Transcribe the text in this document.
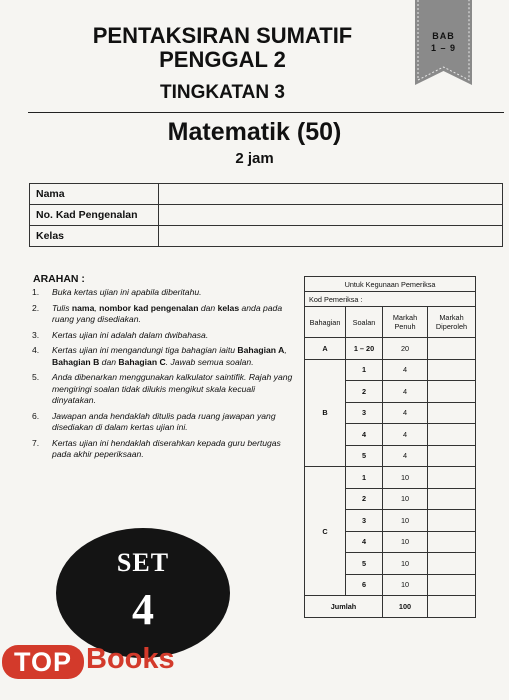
PENTAKSIRAN SUMATIF
PENGGAL 2
TINGKATAN 3
BAB
1 – 9
Matematik (50)
2 jam
Nama	
No. Kad Pengenalan	
Kelas	
ARAHAN :
1. Buka kertas ujian ini apabila diberitahu.
2. Tulis nama, nombor kad pengenalan dan kelas anda pada ruang yang disediakan.
3. Kertas ujian ini adalah dalam dwibahasa.
4. Kertas ujian ini mengandungi tiga bahagian iaitu Bahagian A, Bahagian B dan Bahagian C. Jawab semua soalan.
5. Anda dibenarkan menggunakan kalkulator saintifik. Rajah yang mengiringi soalan tidak dilukis mengikut skala kecuali dinyatakan.
6. Jawapan anda hendaklah ditulis pada ruang jawapan yang disediakan di dalam kertas ujian ini.
7. Kertas ujian ini hendaklah diserahkan kepada guru bertugas pada akhir peperiksaan.
Untuk Kegunaan Pemeriksa			
Kod Pemeriksa :			
Bahagian	Soalan	Markah Penuh	Markah Diperoleh
A	1 – 20	20	
B	1	4	
	2	4	
	3	4	
	4	4	
	5	4	
C	1	10	
	2	10	
	3	10	
	4	10	
	5	10	
	6	10	
Jumlah		100	
SET
4
TOP Books
